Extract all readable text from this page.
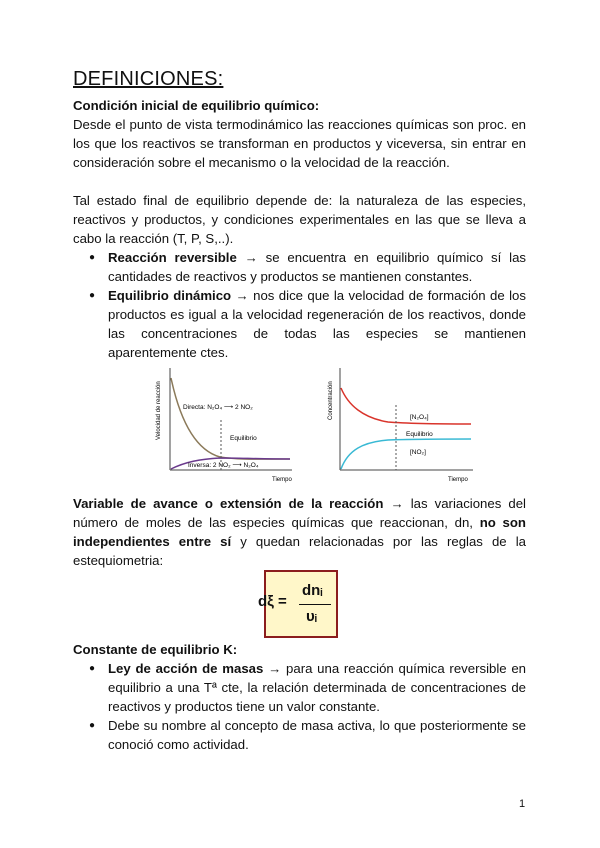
DEFINICIONES:
Condición inicial de equilibrio químico:
Desde el punto de vista termodinámico las reacciones químicas son proc. en los que los reactivos se transforman en productos y viceversa, sin entrar en consideración sobre el mecanismo o la velocidad de la reacción.
Tal estado final de equilibrio depende de: la naturaleza de las especies, reactivos y productos, y condiciones experimentales en las que se lleva a cabo la reacción (T, P, S,..).
● Reacción reversible → se encuentra en equilibrio químico sí las cantidades de reactivos y productos se mantienen constantes.
● Equilibrio dinámico → nos dice que la velocidad de formación de los productos es igual a la velocidad regeneración de los reactivos, donde las concentraciones de todas las especies se mantienen aparentemente ctes.
Velocidad de reacción	Directa: N₂O₄ ⟶ 2 NO₂
Equilibrio
Inversa: 2 NO₂ ⟶ N₂O₄
Tiempo
Concentración	[N₂O₄]
Equilibrio
[NO₂]
Tiempo
Variable de avance o extensión de la reacción → las variaciones del número de moles de las especies químicas que reaccionan, dn, no son independientes entre sí y quedan relacionadas por las reglas de la estequiometria:
dξ =
dnᵢ
υᵢ
Constante de equilibrio K:
● Ley de acción de masas → para una reacción química reversible en equilibrio a una Tª cte, la relación determinada de concentraciones de reactivos y productos tiene un valor constante.
● Debe su nombre al concepto de masa activa, lo que posteriormente se conoció como actividad.
1
